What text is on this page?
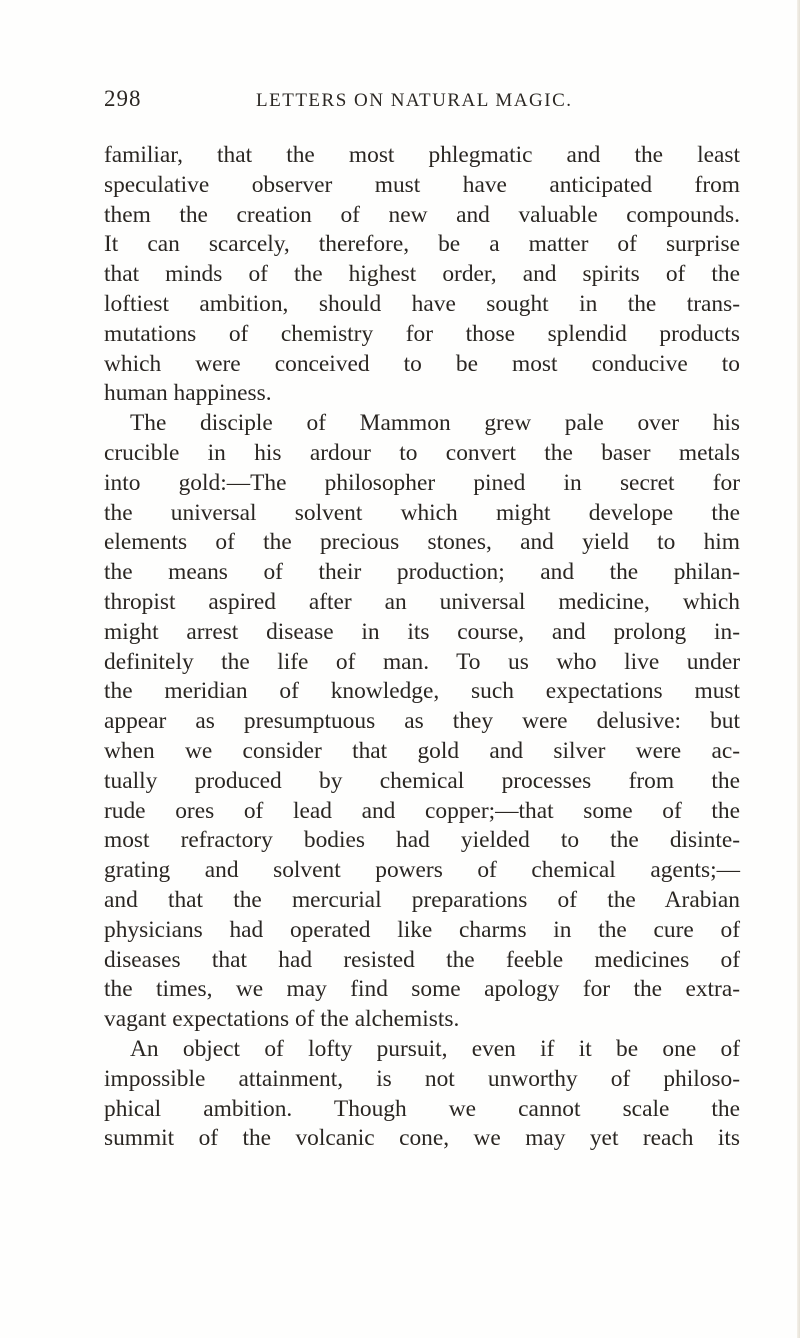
298	LETTERS ON NATURAL MAGIC.
familiar, that the most phlegmatic and the least
speculative observer must have anticipated from
them the creation of new and valuable compounds.
It can scarcely, therefore, be a matter of surprise
that minds of the highest order, and spirits of the
loftiest ambition, should have sought in the trans-
mutations of chemistry for those splendid products
which were conceived to be most conducive to
human happiness.
The disciple of Mammon grew pale over his
crucible in his ardour to convert the baser metals
into gold:—The philosopher pined in secret for
the universal solvent which might develope the
elements of the precious stones, and yield to him
the means of their production; and the philan-
thropist aspired after an universal medicine, which
might arrest disease in its course, and prolong in-
definitely the life of man. To us who live under
the meridian of knowledge, such expectations must
appear as presumptuous as they were delusive: but
when we consider that gold and silver were ac-
tually produced by chemical processes from the
rude ores of lead and copper;—that some of the
most refractory bodies had yielded to the disinte-
grating and solvent powers of chemical agents;—
and that the mercurial preparations of the Arabian
physicians had operated like charms in the cure of
diseases that had resisted the feeble medicines of
the times, we may find some apology for the extra-
vagant expectations of the alchemists.
An object of lofty pursuit, even if it be one of
impossible attainment, is not unworthy of philoso-
phical ambition. Though we cannot scale the
summit of the volcanic cone, we may yet reach its
